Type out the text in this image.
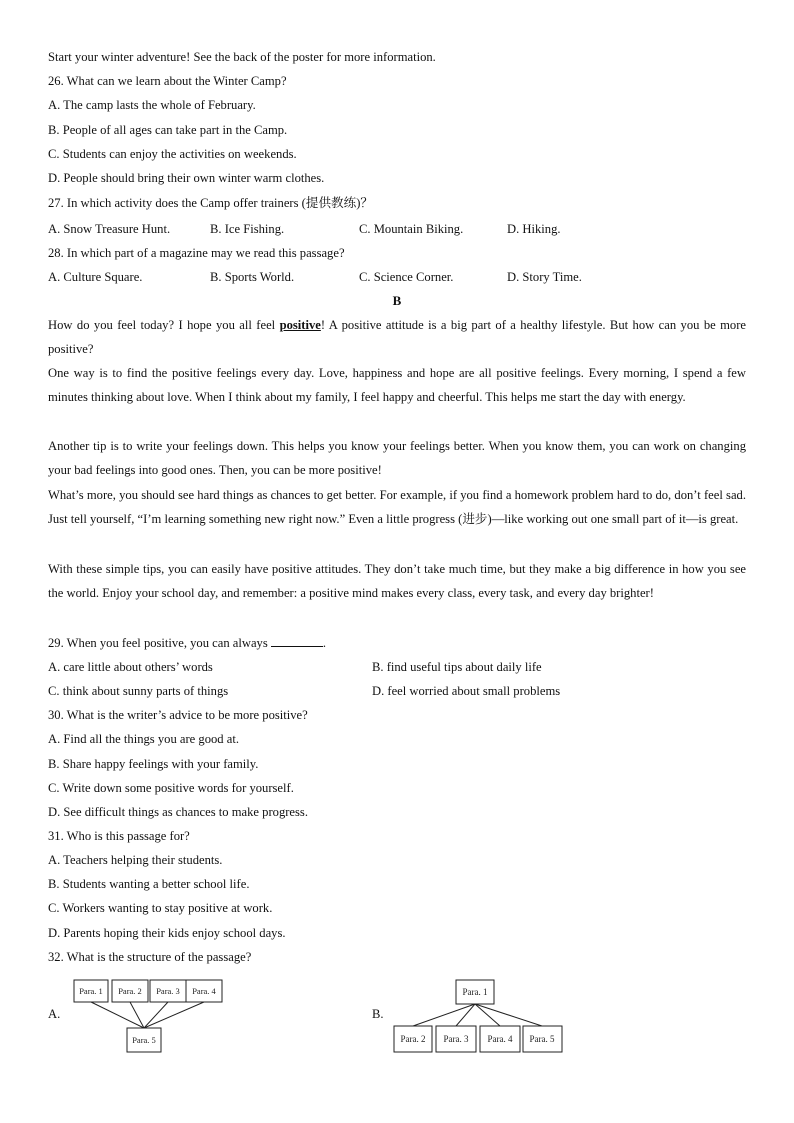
Start your winter adventure! See the back of the poster for more information.
26. What can we learn about the Winter Camp?
A. The camp lasts the whole of February.
B. People of all ages can take part in the Camp.
C. Students can enjoy the activities on weekends.
D. People should bring their own winter warm clothes.
27. In which activity does the Camp offer trainers (提供教练)？
A. Snow Treasure Hunt.	B. Ice Fishing.	C. Mountain Biking.	D. Hiking.
28. In which part of a magazine may we read this passage?
A. Culture Square.	B. Sports World.	C. Science Corner.	D. Story Time.
B
How do you feel today? I hope you all feel positive! A positive attitude is a big part of a healthy lifestyle. But how can you be more positive?
One way is to find the positive feelings every day. Love, happiness and hope are all positive feelings. Every morning, I spend a few minutes thinking about love. When I think about my family, I feel happy and cheerful. This helps me start the day with energy.
Another tip is to write your feelings down. This helps you know your feelings better. When you know them, you can work on changing your bad feelings into good ones. Then, you can be more positive!
What’s more, you should see hard things as chances to get better. For example, if you find a homework problem hard to do, don’t feel sad. Just tell yourself, “I’m learning something new right now.” Even a little progress (进步)—like working out one small part of it—is great.
With these simple tips, you can easily have positive attitudes. They don’t take much time, but they make a big difference in how you see the world. Enjoy your school day, and remember: a positive mind makes every class, every task, and every day brighter!
29. When you feel positive, you can always	.
A. care little about others’ words	B. find useful tips about daily life
C. think about sunny parts of things	D. feel worried about small problems
30. What is the writer’s advice to be more positive?
A. Find all the things you are good at.
B. Share happy feelings with your family.
C. Write down some positive words for yourself.
D. See difficult things as chances to make progress.
31. Who is this passage for?
A. Teachers helping their students.
B. Students wanting a better school life.
C. Workers wanting to stay positive at work.
D. Parents hoping their kids enjoy school days.
32. What is the structure of the passage?
A.	B.
Para. 1 Para. 2 Para. 3 Para. 4
Para. 5
Para. 1
Para. 2 Para. 3 Para. 4 Para. 5
